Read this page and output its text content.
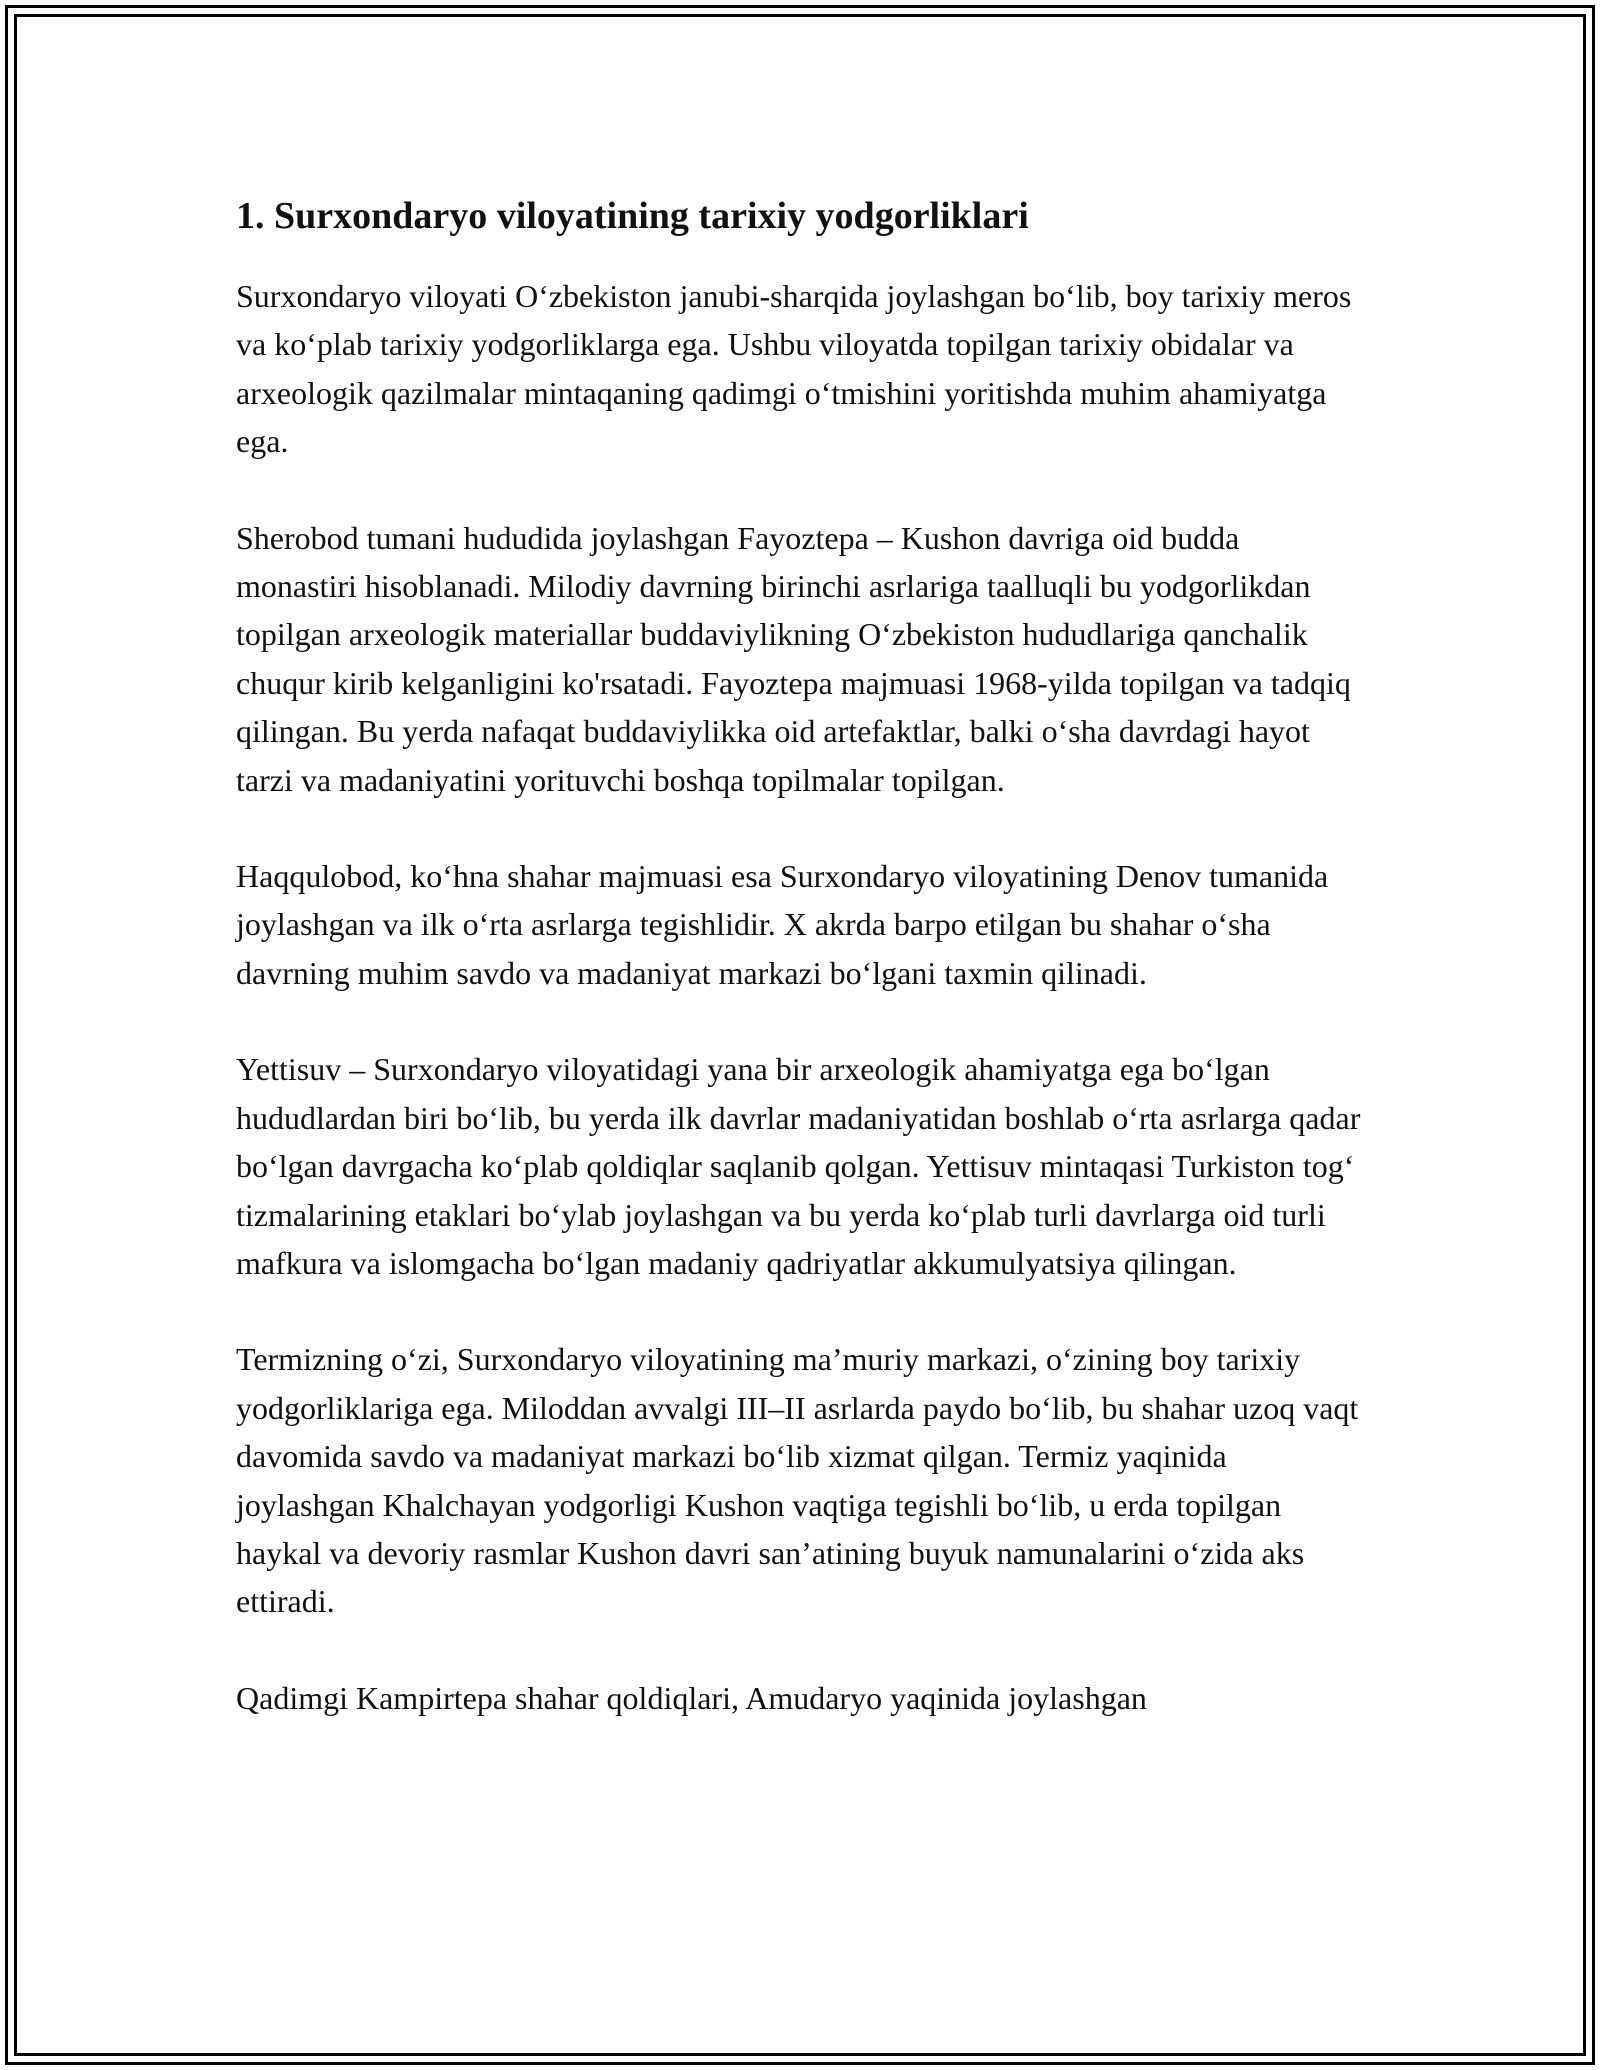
1. Surxondaryo viloyatining tarixiy yodgorliklari

Surxondaryo viloyati O‘zbekiston janubi-sharqida joylashgan bo‘lib, boy tarixiy meros va ko‘plab tarixiy yodgorliklarga ega. Ushbu viloyatda topilgan tarixiy obidalar va arxeologik qazilmalar mintaqaning qadimgi o‘tmishini yoritishda muhim ahamiyatga ega.

Sherobod tumani hududida joylashgan Fayoztepa – Kushon davriga oid budda monastiri hisoblanadi. Milodiy davrning birinchi asrlariga taalluqli bu yodgorlikdan topilgan arxeologik materiallar buddaviylikning O‘zbekiston hududlariga qanchalik chuqur kirib kelganligini ko'rsatadi. Fayoztepa majmuasi 1968-yilda topilgan va tadqiq qilingan. Bu yerda nafaqat buddaviylikka oid artefaktlar, balki o‘sha davrdagi hayot tarzi va madaniyatini yorituvchi boshqa topilmalar topilgan.

Haqqulobod, ko‘hna shahar majmuasi esa Surxondaryo viloyatining Denov tumanida joylashgan va ilk o‘rta asrlarga tegishlidir. X akrda barpo etilgan bu shahar o‘sha davrning muhim savdo va madaniyat markazi bo‘lgani taxmin qilinadi.

Yettisuv – Surxondaryo viloyatidagi yana bir arxeologik ahamiyatga ega bo‘lgan hududlardan biri bo‘lib, bu yerda ilk davrlar madaniyatidan boshlab o‘rta asrlarga qadar bo‘lgan davrgacha ko‘plab qoldiqlar saqlanib qolgan. Yettisuv mintaqasi Turkiston tog‘ tizmalarining etaklari bo‘ylab joylashgan va bu yerda ko‘plab turli davrlarga oid turli mafkura va islomgacha bo‘lgan madaniy qadriyatlar akkumulyatsiya qilingan.

Termizning o‘zi, Surxondaryo viloyatining ma’muriy markazi, o‘zining boy tarixiy yodgorliklariga ega. Miloddan avvalgi III–II asrlarda paydo bo‘lib, bu shahar uzoq vaqt davomida savdo va madaniyat markazi bo‘lib xizmat qilgan. Termiz yaqinida joylashgan Khalchayan yodgorligi Kushon vaqtiga tegishli bo‘lib, u erda topilgan haykal va devoriy rasmlar Kushon davri san’atining buyuk namunalarini o‘zida aks ettiradi.

Qadimgi Kampirtepa shahar qoldiqlari, Amudaryo yaqinida joylashgan
